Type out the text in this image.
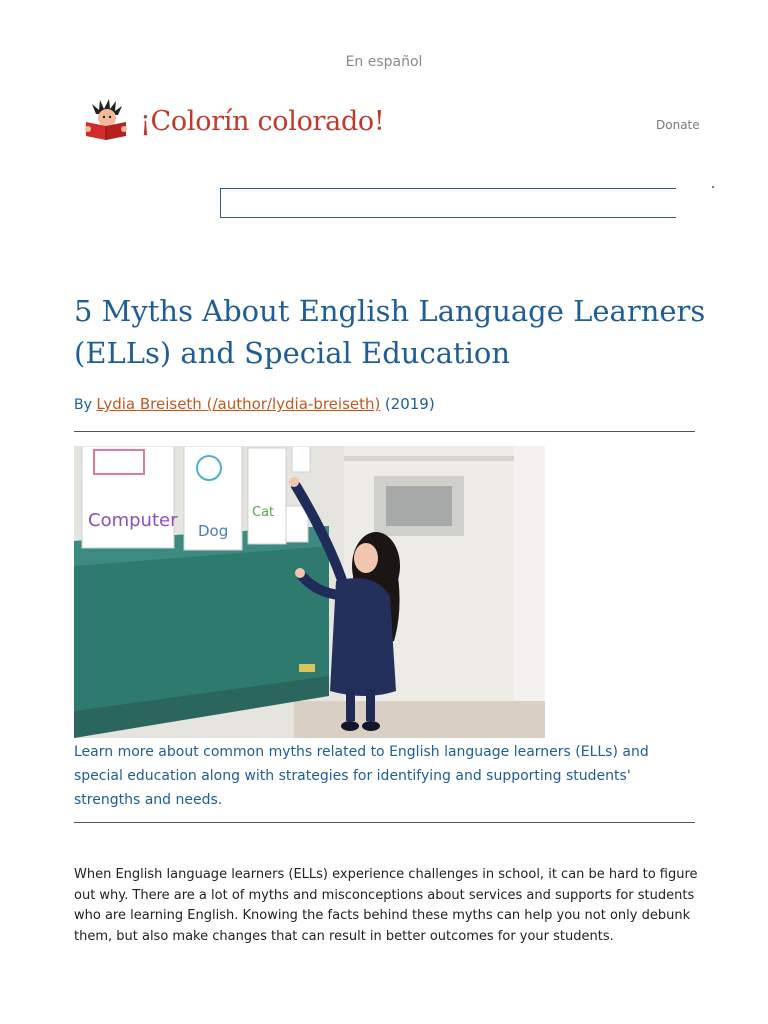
En español
¡Colorín colorado!	Donate
5 Myths About English Language Learners (ELLs) and Special Education
By Lydia Breiseth (/author/lydia-breiseth) (2019)
Computer Dog
Cat

Learn more about common myths related to English language learners (ELLs) and special education along with strategies for identifying and supporting students' strengths and needs.

When English language learners (ELLs) experience challenges in school, it can be hard to figure out why. There are a lot of myths and misconceptions about services and supports for students who are learning English. Knowing the facts behind these myths can help you not only debunk them, but also make changes that can result in better outcomes for your students.
